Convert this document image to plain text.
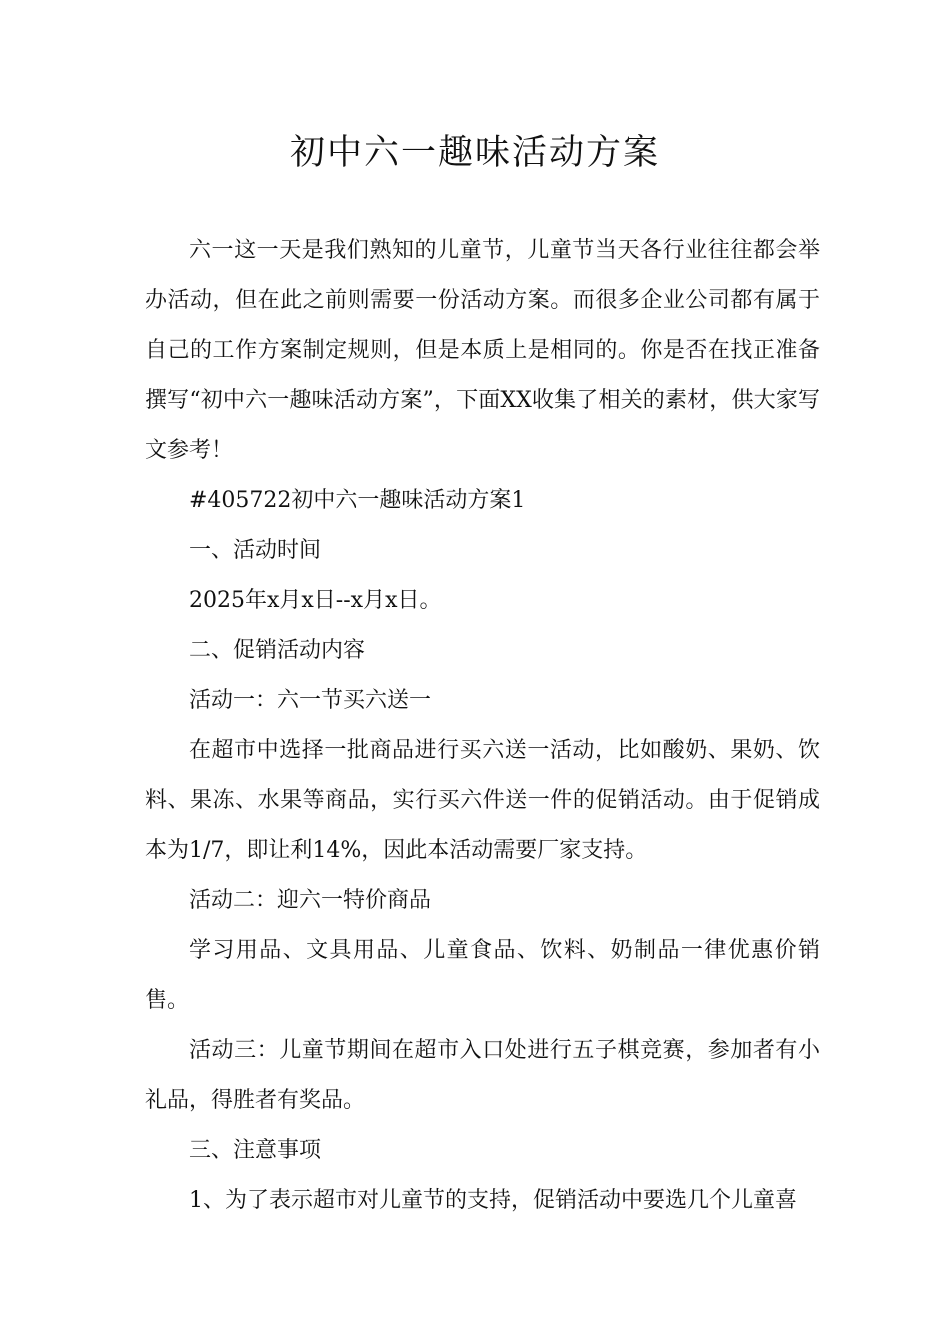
初中六一趣味活动方案

六一这一天是我们熟知的儿童节，儿童节当天各行业往往都会举办活动，但在此之前则需要一份活动方案。而很多企业公司都有属于自己的工作方案制定规则，但是本质上是相同的。你是否在找正准备撰写“初中六一趣味活动方案”，下面XX收集了相关的素材，供大家写文参考！

#405722初中六一趣味活动方案1

一、活动时间

2025年x月x日--x月x日。

二、促销活动内容

活动一：六一节买六送一

在超市中选择一批商品进行买六送一活动，比如酸奶、果奶、饮料、果冻、水果等商品，实行买六件送一件的促销活动。由于促销成本为1/7，即让利14%，因此本活动需要厂家支持。

活动二：迎六一特价商品

学习用品、文具用品、儿童食品、饮料、奶制品一律优惠价销售。

活动三：儿童节期间在超市入口处进行五子棋竞赛，参加者有小礼品，得胜者有奖品。

三、注意事项

1、为了表示超市对儿童节的支持，促销活动中要选几个儿童喜
